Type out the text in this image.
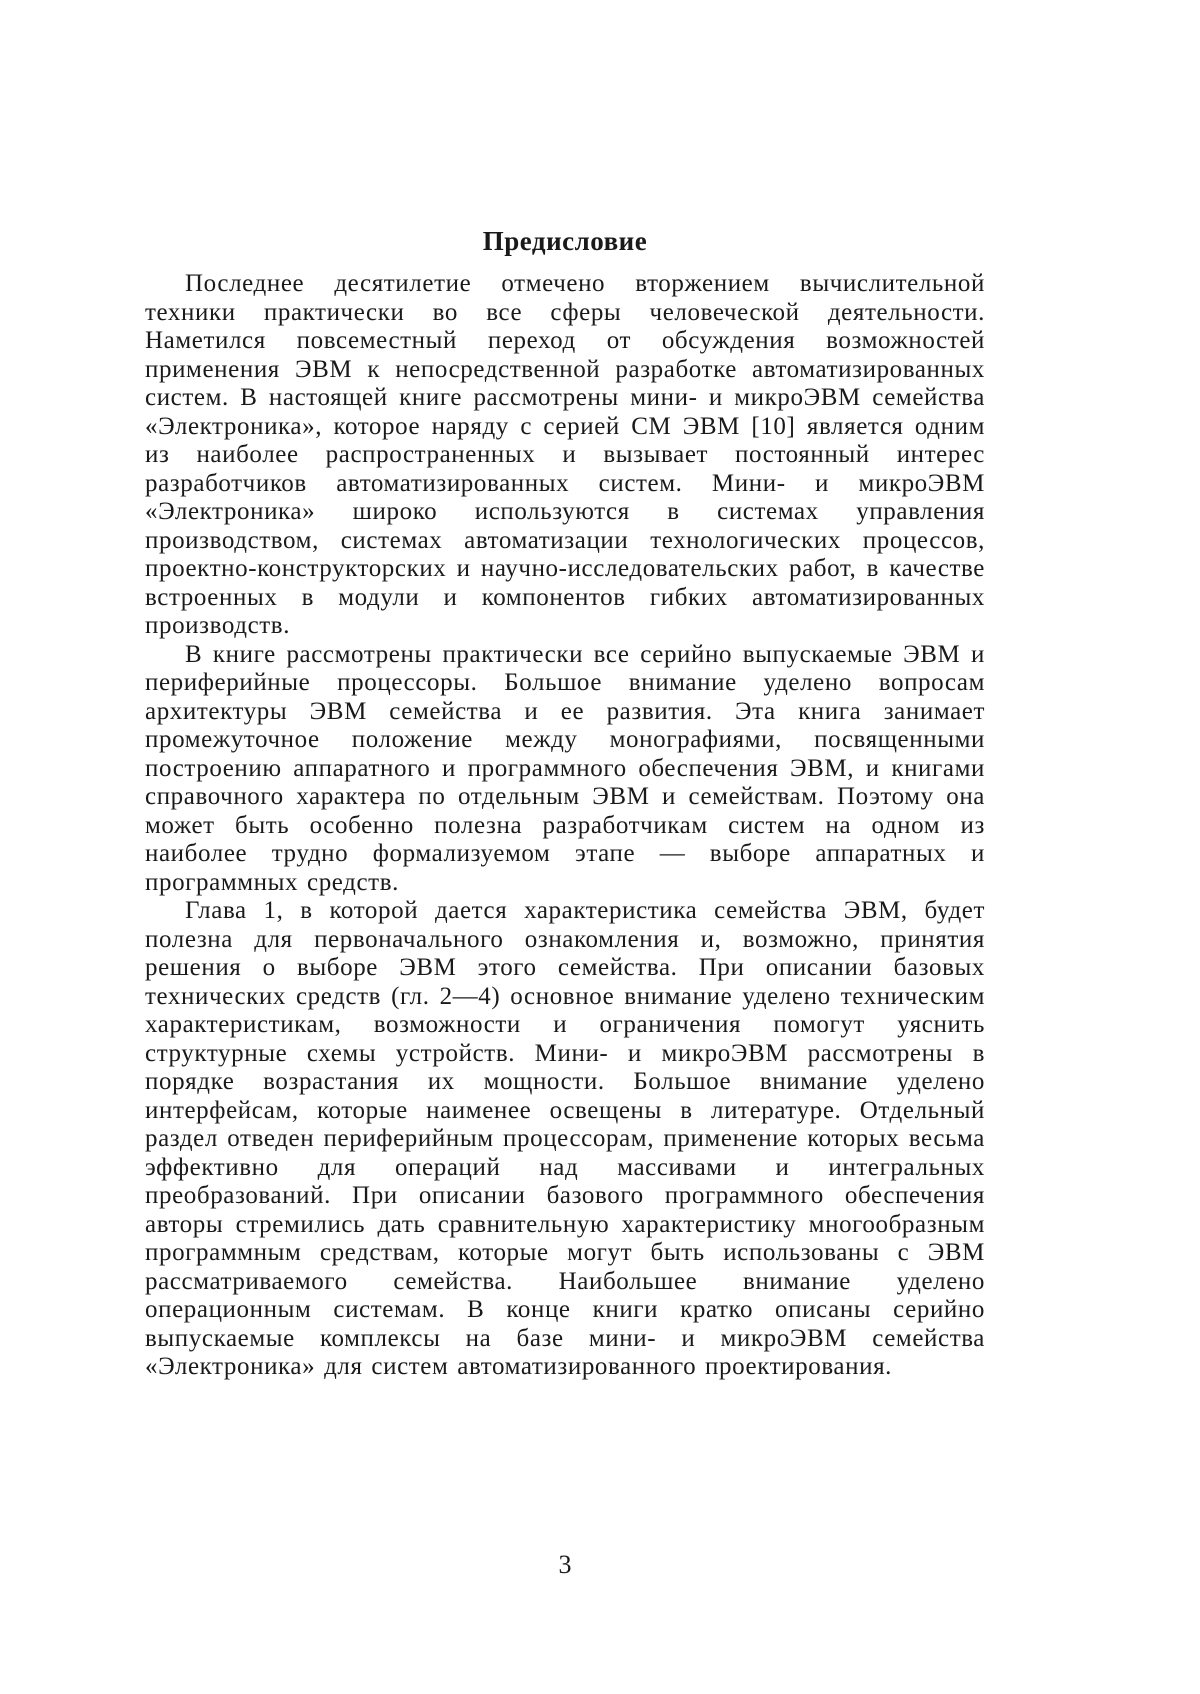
Предисловие

Последнее десятилетие отмечено вторжением вычислительной техники практически во все сферы человеческой деятельности. Наметился повсеместный переход от обсуждения возможностей применения ЭВМ к непосредственной разработке автоматизированных систем. В настоящей книге рассмотрены мини- и микроЭВМ семейства «Электроника», которое наряду с серией СМ ЭВМ [10] является одним из наиболее распространенных и вызывает постоянный интерес разработчиков автоматизированных систем. Мини- и микроЭВМ «Электроника» широко используются в системах управления производством, системах автоматизации технологических процессов, проектно-конструкторских и научно-исследовательских работ, в качестве встроенных в модули и компонентов гибких автоматизированных производств.

В книге рассмотрены практически все серийно выпускаемые ЭВМ и периферийные процессоры. Большое внимание уделено вопросам архитектуры ЭВМ семейства и ее развития. Эта книга занимает промежуточное положение между монографиями, посвященными построению аппаратного и программного обеспечения ЭВМ, и книгами справочного характера по отдельным ЭВМ и семействам. Поэтому она может быть особенно полезна разработчикам систем на одном из наиболее трудно формализуемом этапе — выборе аппаратных и программных средств.

Глава 1, в которой дается характеристика семейства ЭВМ, будет полезна для первоначального ознакомления и, возможно, принятия решения о выборе ЭВМ этого семейства. При описании базовых технических средств (гл. 2—4) основное внимание уделено техническим характеристикам, возможности и ограничения помогут уяснить структурные схемы устройств. Мини- и микроЭВМ рассмотрены в порядке возрастания их мощности. Большое внимание уделено интерфейсам, которые наименее освещены в литературе. Отдельный раздел отведен периферийным процессорам, применение которых весьма эффективно для операций над массивами и интегральных преобразований. При описании базового программного обеспечения авторы стремились дать сравнительную характеристику многообразным программным средствам, которые могут быть использованы с ЭВМ рассматриваемого семейства. Наибольшее внимание уделено операционным системам. В конце книги кратко описаны серийно выпускаемые комплексы на базе мини- и микроЭВМ семейства «Электроника» для систем автоматизированного проектирования.

3
